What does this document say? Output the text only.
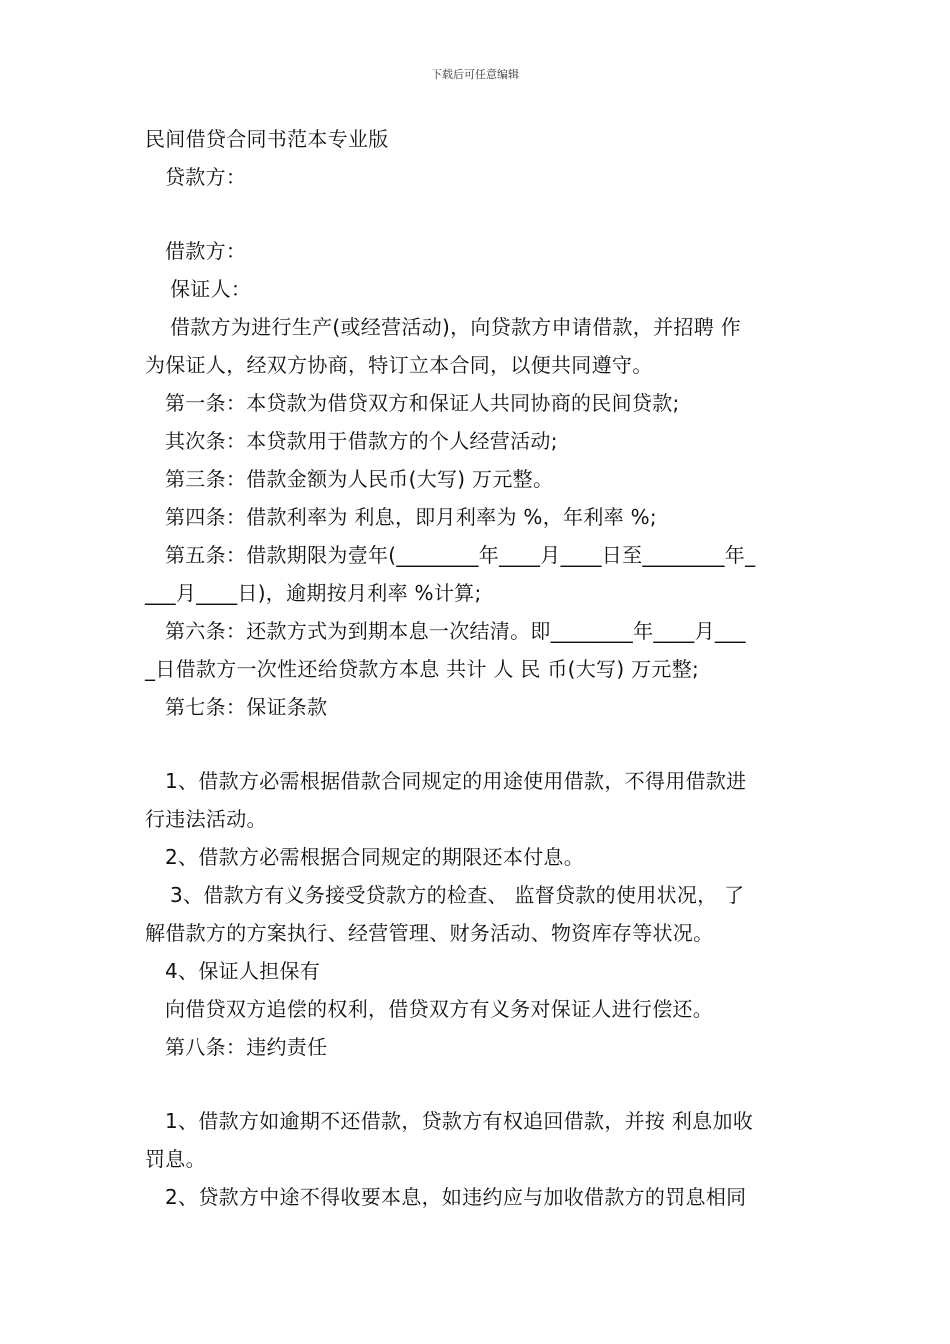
下载后可任意编辑
民间借贷合同书范本专业版
贷款方：
借款方：
保证人：
借款方为进行生产(或经营活动)，向贷款方申请借款，并招聘 作
为保证人，经双方协商，特订立本合同，以便共同遵守。
第一条：本贷款为借贷双方和保证人共同协商的民间贷款;
其次条：本贷款用于借款方的个人经营活动;
第三条：借款金额为人民币(大写) 万元整。
第四条：借款利率为 利息，即月利率为 %，年利率 %;
第五条：借款期限为壹年(________年____月____日至________年_
___月____日)，逾期按月利率 %计算;
第六条：还款方式为到期本息一次结清。即________年____月___
_日借款方一次性还给贷款方本息 共计 人 民 币(大写) 万元整;
第七条：保证条款
1、借款方必需根据借款合同规定的用途使用借款，不得用借款进
行违法活动。
2、借款方必需根据合同规定的期限还本付息。
3、借款方有义务接受贷款方的检查、 监督贷款的使用状况， 了
解借款方的方案执行、经营管理、财务活动、物资库存等状况。
4、保证人担保有
向借贷双方追偿的权利，借贷双方有义务对保证人进行偿还。
第八条：违约责任
1、借款方如逾期不还借款，贷款方有权追回借款，并按 利息加收
罚息。
2、贷款方中途不得收要本息，如违约应与加收借款方的罚息相同
